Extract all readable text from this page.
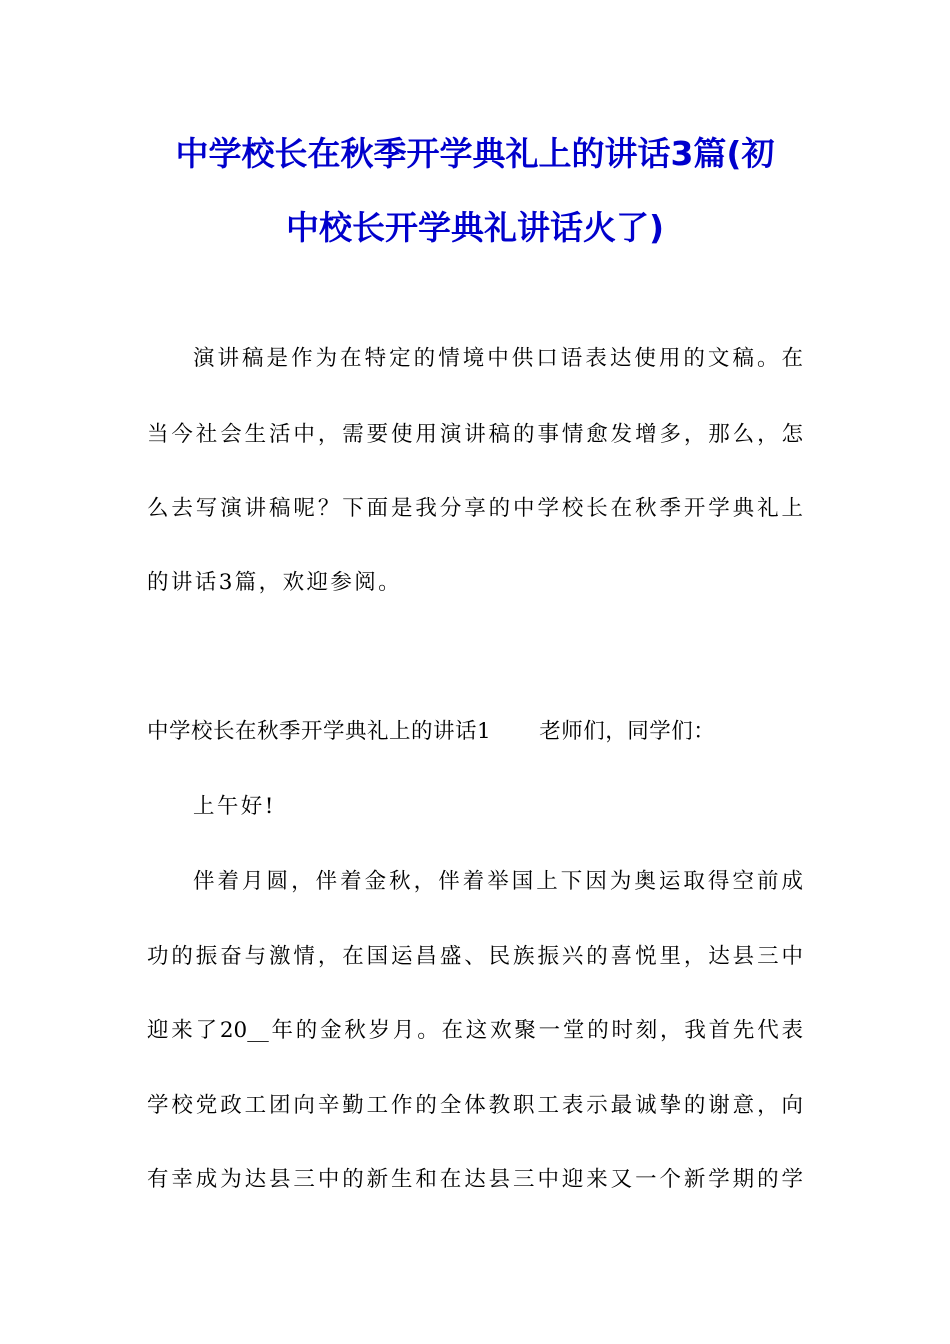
中学校长在秋季开学典礼上的讲话3篇(初
中校长开学典礼讲话火了)
演讲稿是作为在特定的情境中供口语表达使用的文稿。在
当今社会生活中，需要使用演讲稿的事情愈发增多，那么，怎
么去写演讲稿呢？下面是我分享的中学校长在秋季开学典礼上
的讲话3篇，欢迎参阅。
中学校长在秋季开学典礼上的讲话1 老师们，同学们：
上午好!
伴着月圆，伴着金秋，伴着举国上下因为奥运取得空前成
功的振奋与激情，在国运昌盛、民族振兴的喜悦里，达县三中
迎来了20__年的金秋岁月。在这欢聚一堂的时刻，我首先代表
学校党政工团向辛勤工作的全体教职工表示最诚挚的谢意，向
有幸成为达县三中的新生和在达县三中迎来又一个新学期的学
